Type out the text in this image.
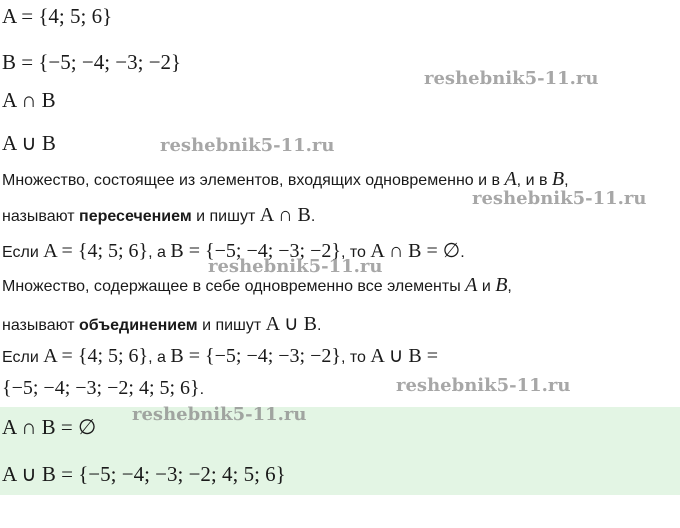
A = {4; 5; 6}
B = {−5; −4; −3; −2}
A ∩ B
A ∪ B
Множество, состоящее из элементов, входящих одновременно и в A, и в B,
называют пересечением и пишут A ∩ B.
Если A = {4; 5; 6}, а B = {−5; −4; −3; −2}, то A ∩ B = ∅.
Множество, содержащее в себе одновременно все элементы A и B,
называют объединением и пишут A ∪ B.
Если A = {4; 5; 6}, а B = {−5; −4; −3; −2}, то A ∪ B =
{−5; −4; −3; −2; 4; 5; 6}.
A ∩ B = ∅
A ∪ B = {−5; −4; −3; −2; 4; 5; 6}
reshebnik5-11.ru
reshebnik5-11.ru
reshebnik5-11.ru
reshebnik5-11.ru
reshebnik5-11.ru
reshebnik5-11.ru
